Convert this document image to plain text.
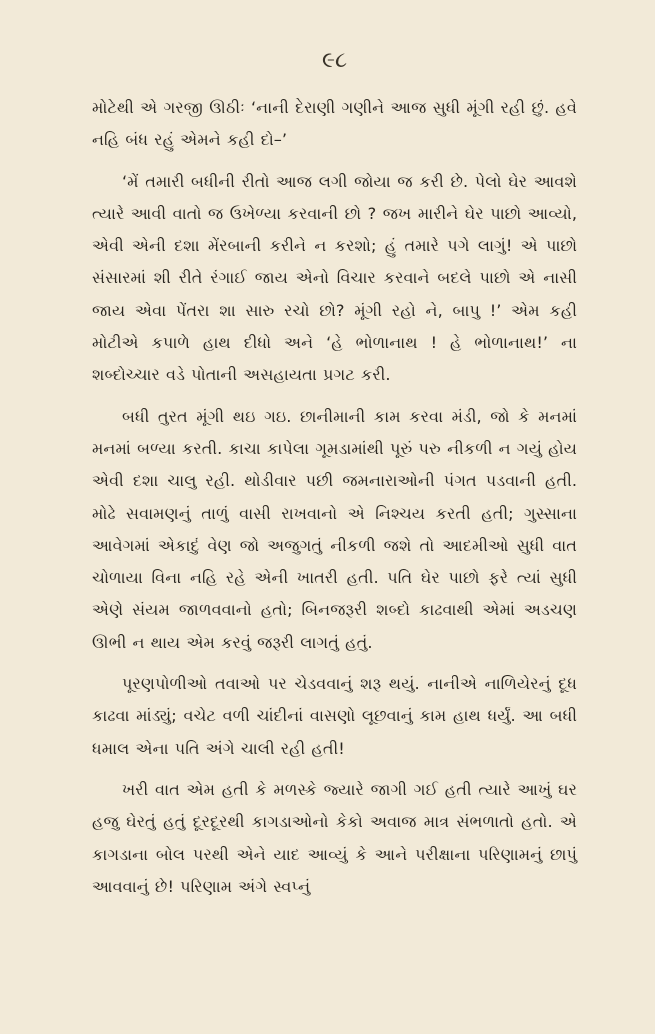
૯૮

મોટેથી એ ગરજી ઊઠીઃ ‘નાની દેરાણી ગણીને આજ સુધી મૂંગી રહી છું. હવે નહિ બંધ રહું એમને કહી દો–’

‘મેં તમારી બધીની રીતો આજ લગી જોયા જ કરી છે. પેલો ઘેર આવશે ત્યારે આવી વાતો જ ઉખેળ્યા કરવાની છો ? જખ મારીને ઘેર પાછો આવ્યો, એવી એની દશા મેંરબાની કરીને ન કરશો; હું તમારે પગે લાગું! એ પાછો સંસારમાં શી રીતે રંગાઈ જાય એનો વિચાર કરવાને બદલે પાછો એ નાસી જાય એવા પેંતરા શા સારુ રચો છો? મૂંગી રહો ને, બાપુ !’ એમ કહી મોટીએ કપાળે હાથ દીધો અને ‘હે ભોળાનાથ ! હે ભોળાનાથ!’ ના શબ્દોચ્ચાર વડે પોતાની અસહાયતા પ્રગટ કરી.

બધી તુરત મૂંગી થઇ ગઇ. છાનીમાની કામ કરવા મંડી, જો કે મનમાં મનમાં બળ્યા કરતી. કાચા કાપેલા ગૂમડામાંથી પૂરું પરુ નીકળી ન ગયું હોય એવી દશા ચાલુ રહી. થોડીવાર પછી જમનારાઓની પંગત પડવાની હતી. મોઢે સવામણનું તાળું વાસી રાખવાનો એ નિશ્ચય કરતી હતી; ગુસ્સાના આવેગમાં એકાદું વેણ જો અજુગતું નીકળી જશે તો આદમીઓ સુધી વાત ચોળાયા વિના નહિ રહે એની ખાતરી હતી. પતિ ઘેર પાછો ફરે ત્યાં સુધી એણે સંયમ જાળવવાનો હતો; બિનજરૂરી શબ્દો કાઢવાથી એમાં અડચણ ઊભી ન થાય એમ કરવું જરૂરી લાગતું હતું.

પૂરણપોળીઓ તવાઓ પર ચેડવવાનું શરૂ થયું. નાનીએ નાળિયેરનું દૂધ કાઢવા માંડ્યું; વચેટ વળી ચાંદીનાં વાસણો લૂછવાનું કામ હાથ ધર્યું. આ બધી ધમાલ એના પતિ અંગે ચાલી રહી હતી!

ખરી વાત એમ હતી કે મળસ્કે જ્યારે જાગી ગઈ હતી ત્યારે આખું ઘર હજુ ઘેરતું હતું દૂરદૂરથી કાગડાઓનો કેકો અવાજ માત્ર સંભળાતો હતો. એ કાગડાના બોલ પરથી એને યાદ આવ્યું કે આને પરીક્ષાના પરિણામનું છાપું આવવાનું છે! પરિણામ અંગે સ્વપ્નું
